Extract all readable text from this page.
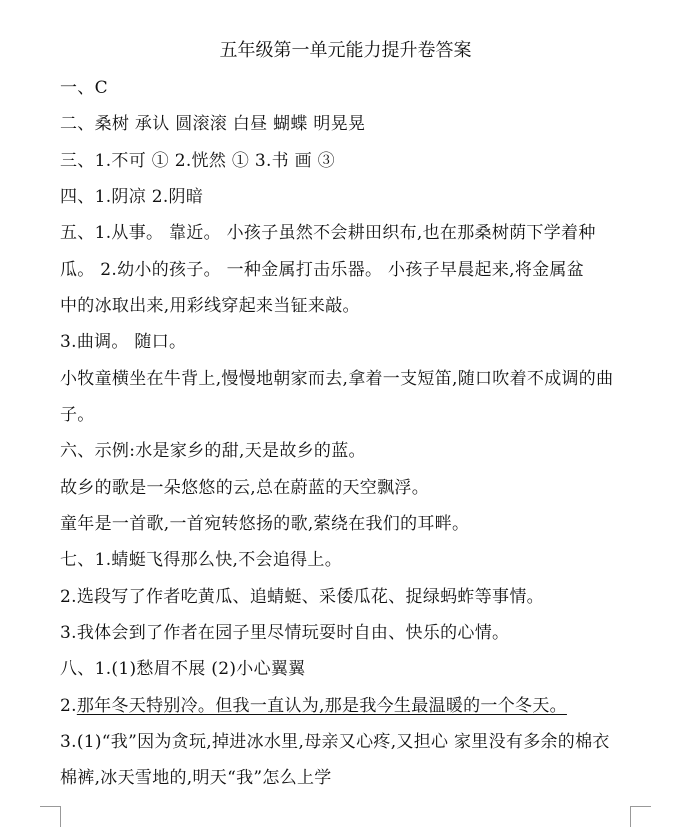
五年级第一单元能力提升卷答案
一、C
二、桑树 承认 圆滚滚 白昼 蝴蝶 明晃晃
三、1.不可 ① 2.恍然 ① 3.书 画 ③
四、1.阴凉 2.阴暗
五、1.从事。 靠近。 小孩子虽然不会耕田织布,也在那桑树荫下学着种
瓜。 2.幼小的孩子。 一种金属打击乐器。 小孩子早晨起来,将金属盆
中的冰取出来,用彩线穿起来当钲来敲。
3.曲调。 随口。
小牧童横坐在牛背上,慢慢地朝家而去,拿着一支短笛,随口吹着不成调的曲
子。
六、示例:水是家乡的甜,天是故乡的蓝。
故乡的歌是一朵悠悠的云,总在蔚蓝的天空飘浮。
童年是一首歌,一首宛转悠扬的歌,萦绕在我们的耳畔。
七、1.蜻蜓飞得那么快,不会追得上。
2.选段写了作者吃黄瓜、追蜻蜓、采倭瓜花、捉绿蚂蚱等事情。
3.我体会到了作者在园子里尽情玩耍时自由、快乐的心情。
八、1.(1)愁眉不展 (2)小心翼翼
2.那年冬天特别冷。但我一直认为,那是我今生最温暖的一个冬天。
3.(1)“我”因为贪玩,掉进冰水里,母亲又心疼,又担心 家里没有多余的棉衣
棉裤,冰天雪地的,明天“我”怎么上学
